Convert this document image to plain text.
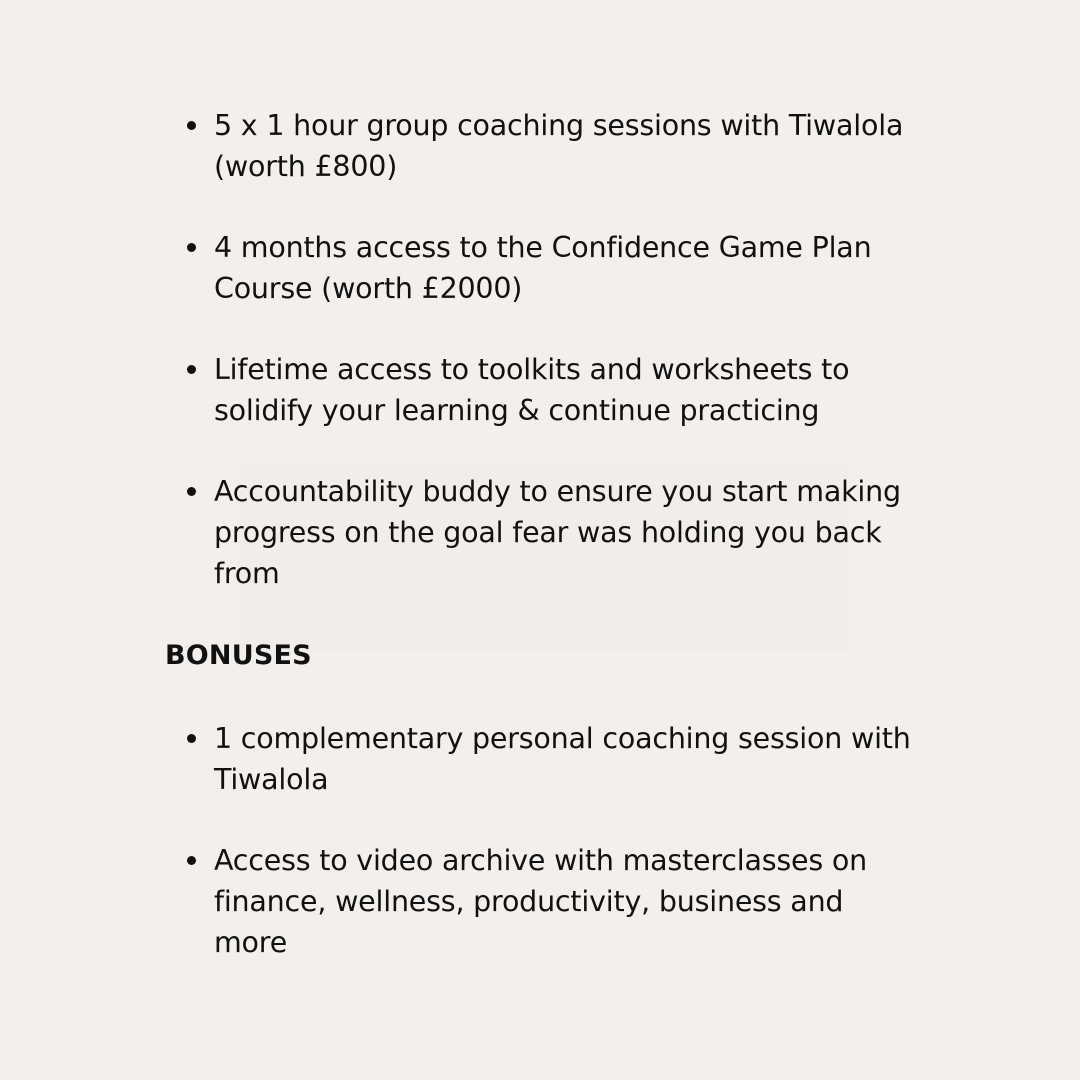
5 x 1 hour group coaching sessions with Tiwalola (worth £800)
4 months access to the Confidence Game Plan Course (worth £2000)
Lifetime access to toolkits and worksheets to solidify your learning & continue practicing
Accountability buddy to ensure you start making progress on the goal fear was holding you back from
BONUSES
1 complementary personal coaching session with Tiwalola
Access to video archive with masterclasses on finance, wellness, productivity, business and more
